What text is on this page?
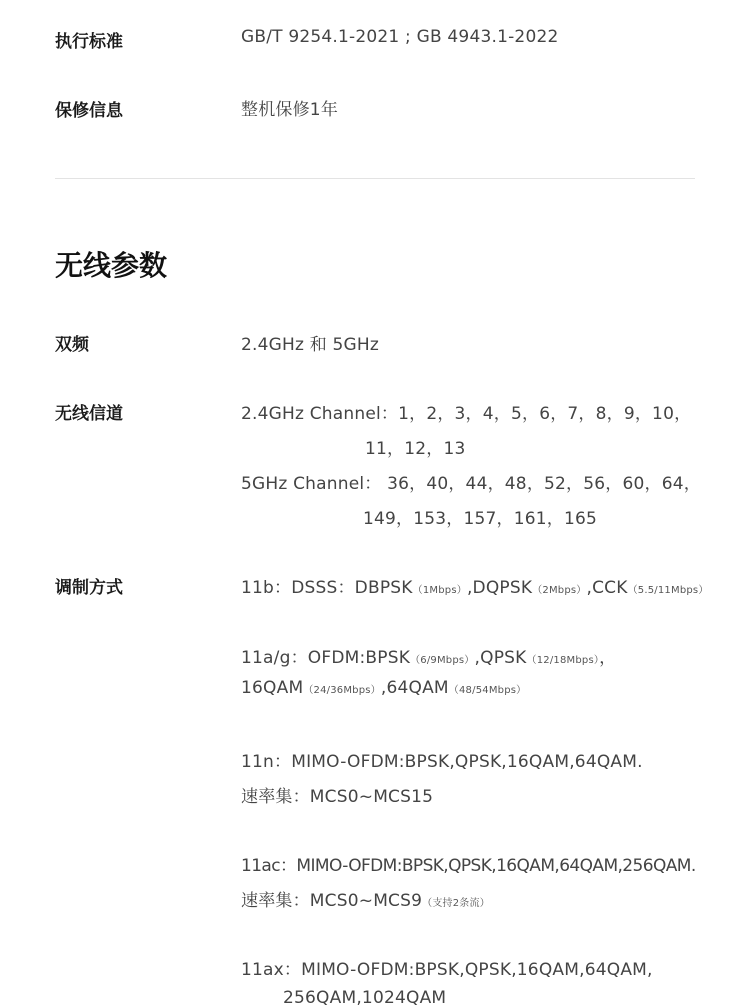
执行标准	GB/T 9254.1-2021 ; GB 4943.1-2022
保修信息	整机保修1年
无线参数
双频	2.4GHz 和 5GHz
无线信道	2.4GHz Channel：1，2，3，4，5，6，7，8，9，10，
11，12，13
5GHz Channel： 36，40，44，48，52，56，60，64，
149，153，157，161，165
调制方式	11b：DSSS：DBPSK（1Mbps）,DQPSK（2Mbps）,CCK（5.5/11Mbps）
11a/g：OFDM:BPSK（6/9Mbps）,QPSK（12/18Mbps），
16QAM（24/36Mbps）,64QAM（48/54Mbps）
11n：MIMO-OFDM:BPSK,QPSK,16QAM,64QAM.
速率集：MCS0~MCS15
11ac：MIMO-OFDM:BPSK,QPSK,16QAM,64QAM,256QAM.
速率集：MCS0~MCS9（支持2条流）
11ax：MIMO-OFDM:BPSK,QPSK,16QAM,64QAM,
256QAM,1024QAM
